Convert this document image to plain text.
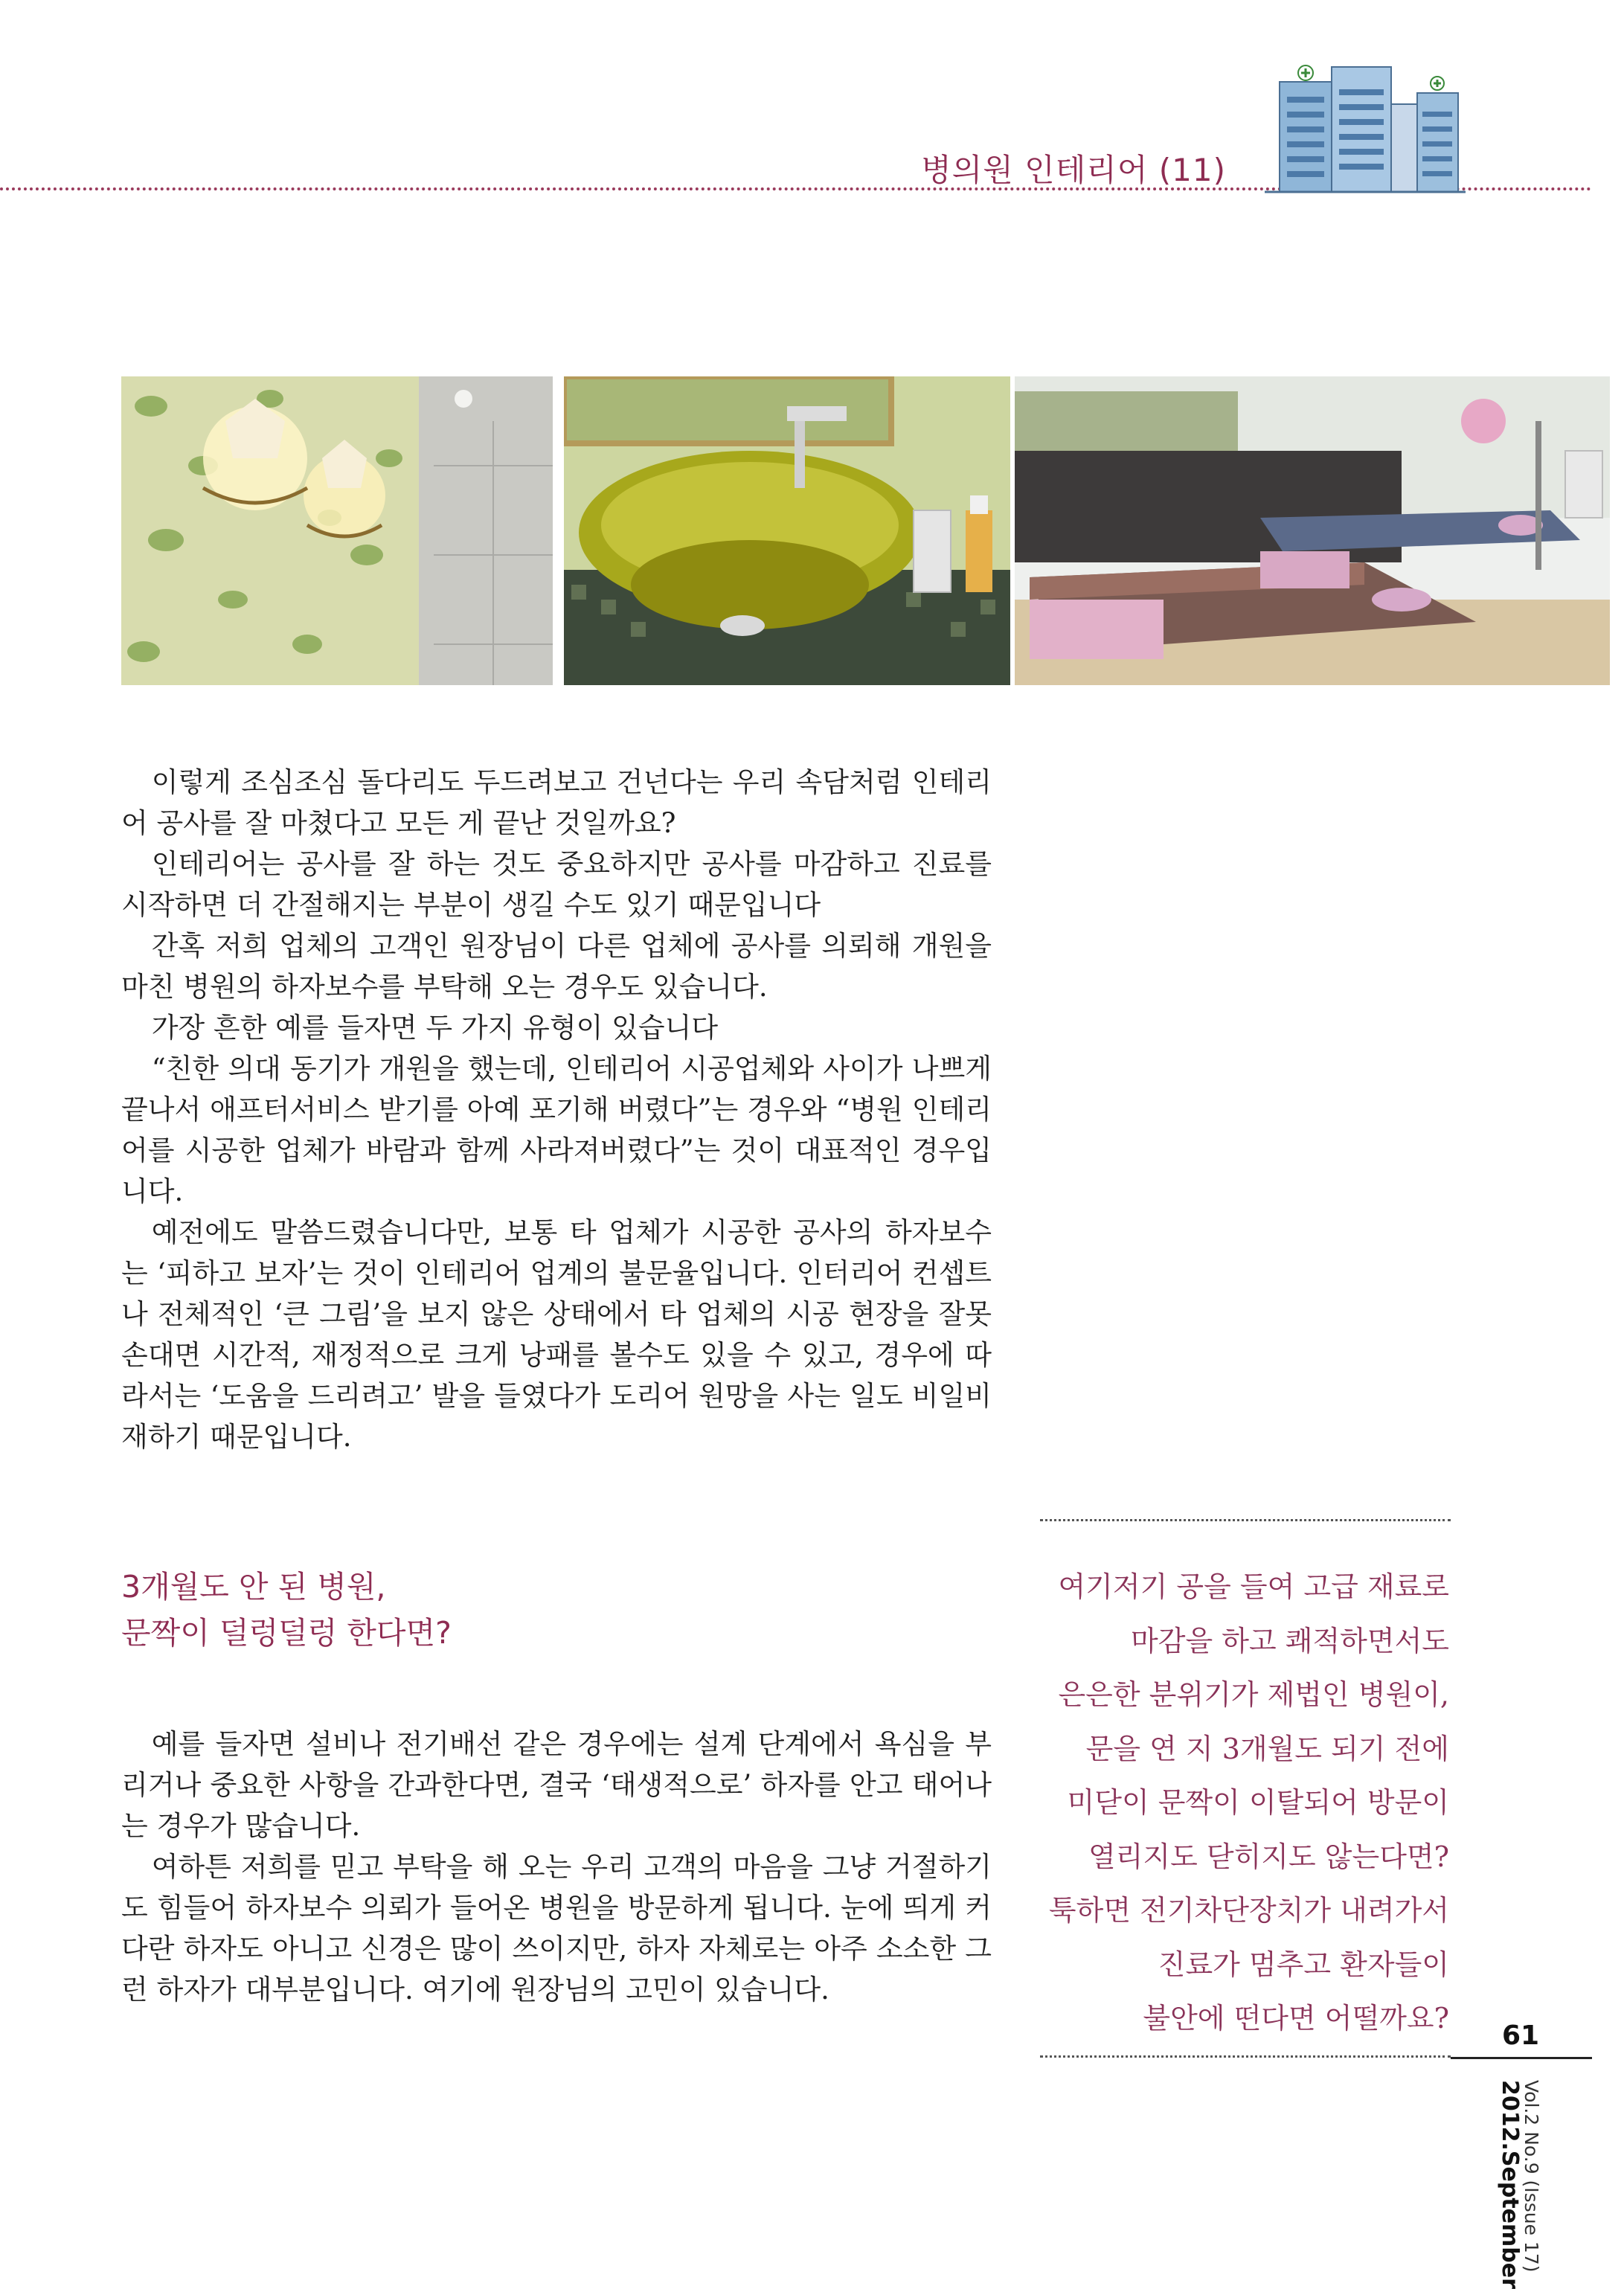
병의원 인테리어 (11)

이렇게 조심조심 돌다리도 두드려보고 건넌다는 우리 속담처럼 인테리어 공사를 잘 마쳤다고 모든 게 끝난 것일까요?

인테리어는 공사를 잘 하는 것도 중요하지만 공사를 마감하고 진료를 시작하면 더 간절해지는 부분이 생길 수도 있기 때문입니다

간혹 저희 업체의 고객인 원장님이 다른 업체에 공사를 의뢰해 개원을 마친 병원의 하자보수를 부탁해 오는 경우도 있습니다.

가장 흔한 예를 들자면 두 가지 유형이 있습니다

“친한 의대 동기가 개원을 했는데, 인테리어 시공업체와 사이가 나쁘게 끝나서 애프터서비스 받기를 아예 포기해 버렸다”는 경우와 “병원 인테리어를 시공한 업체가 바람과 함께 사라져버렸다”는 것이 대표적인 경우입니다.

예전에도 말씀드렸습니다만, 보통 타 업체가 시공한 공사의 하자보수는 ‘피하고 보자’는 것이 인테리어 업계의 불문율입니다. 인터리어 컨셉트나 전체적인 ‘큰 그림’을 보지 않은 상태에서 타 업체의 시공 현장을 잘못 손대면 시간적, 재정적으로 크게 낭패를 볼수도 있을 수 있고, 경우에 따라서는 ‘도움을 드리려고’ 발을 들였다가 도리어 원망을 사는 일도 비일비재하기 때문입니다.

3개월도 안 된 병원,
문짝이 덜렁덜렁 한다면?

예를 들자면 설비나 전기배선 같은 경우에는 설계 단계에서 욕심을 부리거나 중요한 사항을 간과한다면, 결국 ‘태생적으로’ 하자를 안고 태어나는 경우가 많습니다.

여하튼 저희를 믿고 부탁을 해 오는 우리 고객의 마음을 그냥 거절하기도 힘들어 하자보수 의뢰가 들어온 병원을 방문하게 됩니다. 눈에 띄게 커다란 하자도 아니고 신경은 많이 쓰이지만, 하자 자체로는 아주 소소한 그런 하자가 대부분입니다. 여기에 원장님의 고민이 있습니다.

여기저기 공을 들여 고급 재료로
마감을 하고 쾌적하면서도
은은한 분위기가 제법인 병원이,
문을 연 지 3개월도 되기 전에
미닫이 문짝이 이탈되어 방문이
열리지도 닫히지도 않는다면?
툭하면 전기차단장치가 내려가서
진료가 멈추고 환자들이
불안에 떤다면 어떨까요?
61
Vol.2 No.9 (Issue 17)
2012.September
